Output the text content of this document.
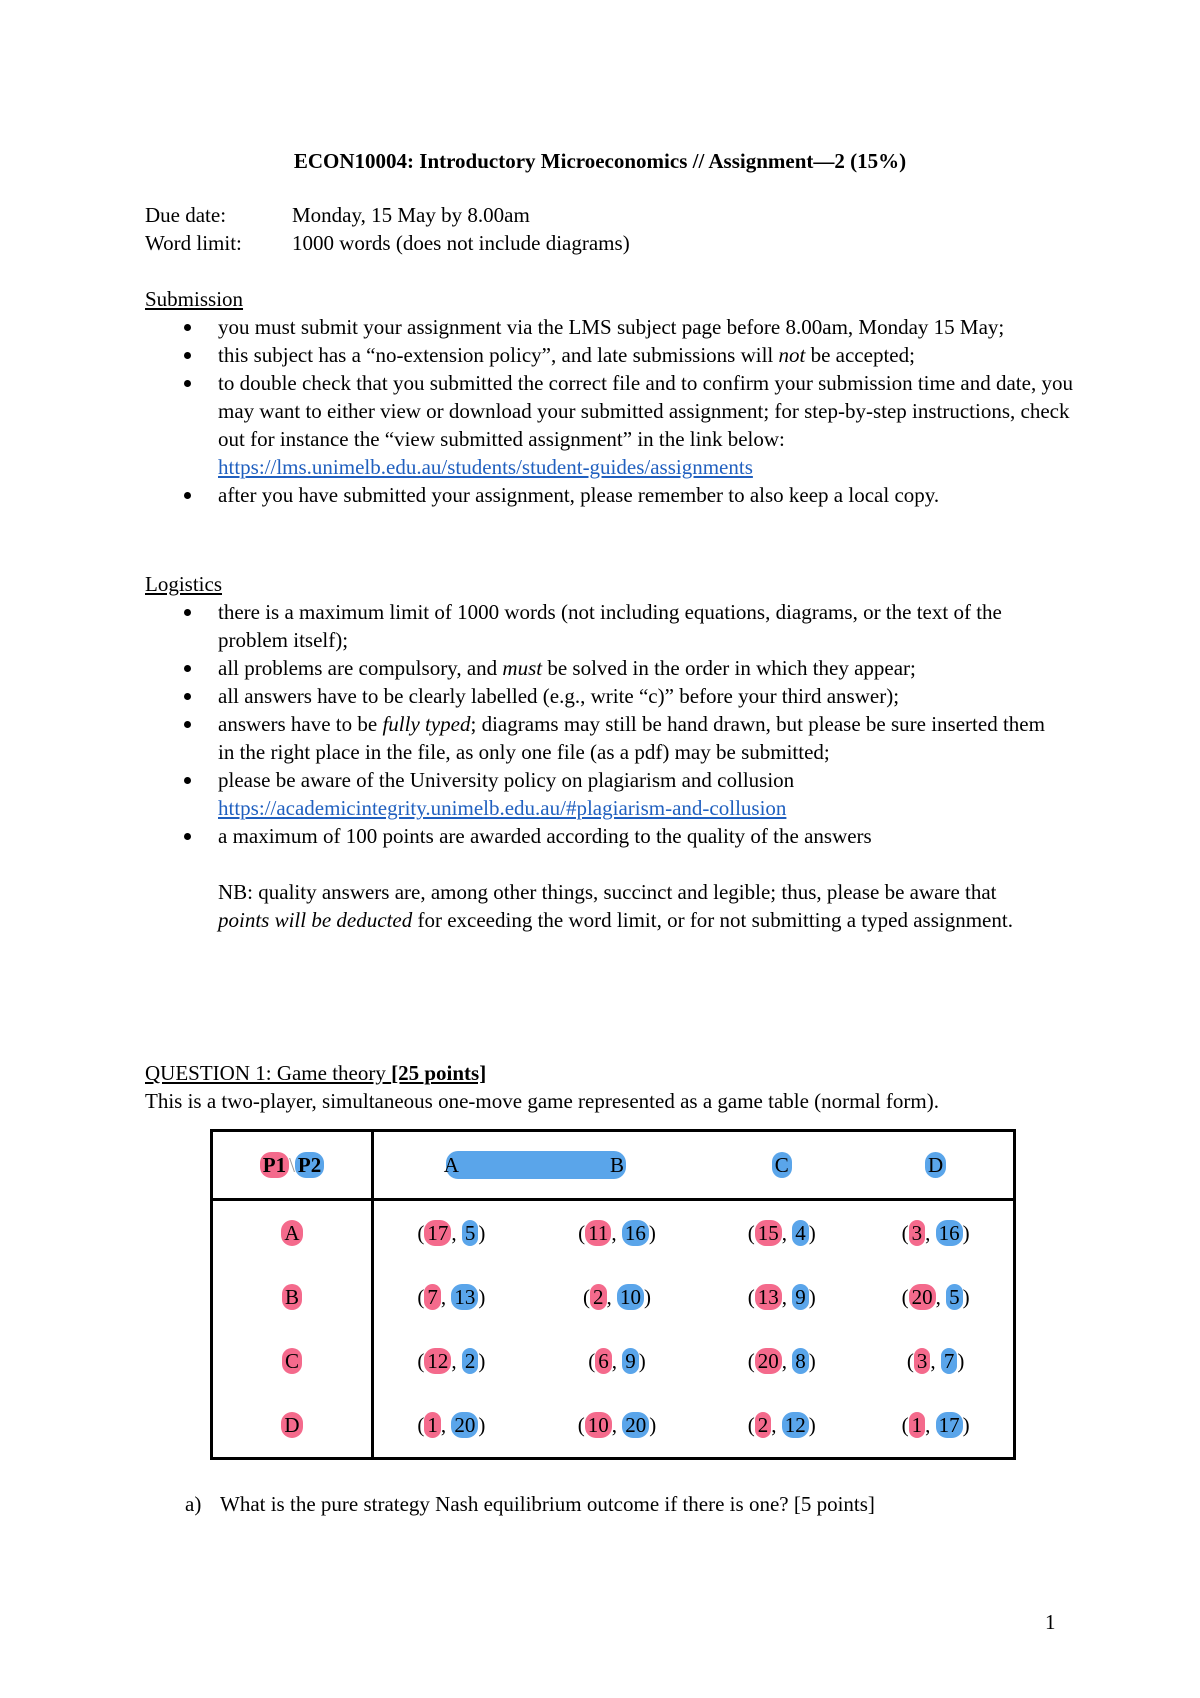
ECON10004: Introductory Microeconomics // Assignment—2 (15%)
Due date:	Monday, 15 May by 8.00am
Word limit:	1000 words (does not include diagrams)
Submission
you must submit your assignment via the LMS subject page before 8.00am, Monday 15 May;
this subject has a “no-extension policy”, and late submissions will not be accepted;
to double check that you submitted the correct file and to confirm your submission time and date, you may want to either view or download your submitted assignment; for step-by-step instructions, check out for instance the “view submitted assignment” in the link below: https://lms.unimelb.edu.au/students/student-guides/assignments
after you have submitted your assignment, please remember to also keep a local copy.
Logistics
there is a maximum limit of 1000 words (not including equations, diagrams, or the text of the problem itself);
all problems are compulsory, and must be solved in the order in which they appear;
all answers have to be clearly labelled (e.g., write “c)” before your third answer);
answers have to be fully typed; diagrams may still be hand drawn, but please be sure inserted them in the right place in the file, as only one file (as a pdf) may be submitted;
please be aware of the University policy on plagiarism and collusion
https://academicintegrity.unimelb.edu.au/#plagiarism-and-collusion
a maximum of 100 points are awarded according to the quality of the answers
NB: quality answers are, among other things, succinct and legible; thus, please be aware that points will be deducted for exceeding the word limit, or for not submitting a typed assignment.
QUESTION 1: Game theory [25 points]
This is a two-player, simultaneous one-move game represented as a game table (normal form).
P1 \ P2	A	B	C	D
A	( 17 , 5 )	( 11 , 16 )	( 15 , 4 )	( 3 , 16 )
B	( 7 , 13 )	( 2 , 10 )	( 13 , 9 )	( 20 , 5 )
C	( 12 , 2 )	( 6 , 9 )	( 20 , 8 )	( 3 , 7 )
D	( 1 , 20 )	( 10 , 20 )	( 2 , 12 )	( 1 , 17 )
a) What is the pure strategy Nash equilibrium outcome if there is one? [5 points]
1
